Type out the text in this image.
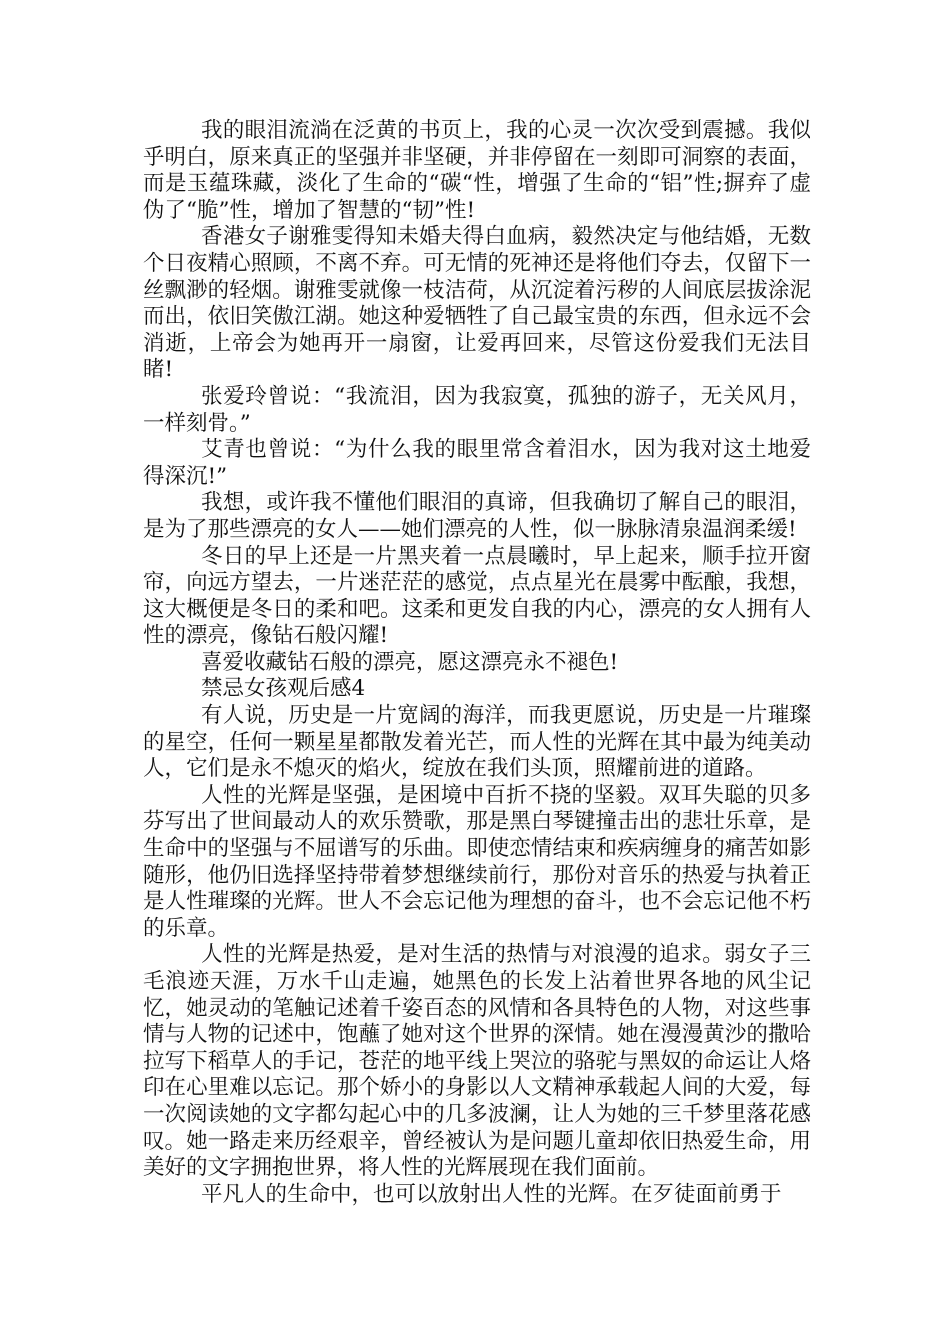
我的眼泪流淌在泛黄的书页上，我的心灵一次次受到震撼。我似乎明白，原来真正的坚强并非坚硬，并非停留在一刻即可洞察的表面，而是玉蕴珠藏，淡化了生命的“碳“性，增强了生命的“铝”性;摒弃了虚伪了“脆”性，增加了智慧的“韧”性!

香港女子谢雅雯得知未婚夫得白血病，毅然决定与他结婚，无数个日夜精心照顾，不离不弃。可无情的死神还是将他们夺去，仅留下一丝飘渺的轻烟。谢雅雯就像一枝洁荷，从沉淀着污秽的人间底层拔涂泥而出，依旧笑傲江湖。她这种爱牺牲了自己最宝贵的东西，但永远不会消逝，上帝会为她再开一扇窗，让爱再回来，尽管这份爱我们无法目睹!

张爱玲曾说：“我流泪，因为我寂寞，孤独的游子，无关风月，一样刻骨。”

艾青也曾说：“为什么我的眼里常含着泪水，因为我对这土地爱得深沉!”

我想，或许我不懂他们眼泪的真谛，但我确切了解自己的眼泪，是为了那些漂亮的女人——她们漂亮的人性，似一脉脉清泉温润柔缓!

冬日的早上还是一片黑夹着一点晨曦时，早上起来，顺手拉开窗帘，向远方望去，一片迷茫茫的感觉，点点星光在晨雾中酝酿，我想，这大概便是冬日的柔和吧。这柔和更发自我的内心，漂亮的女人拥有人性的漂亮，像钻石般闪耀!

喜爱收藏钻石般的漂亮，愿这漂亮永不褪色!

禁忌女孩观后感4

有人说，历史是一片宽阔的海洋，而我更愿说，历史是一片璀璨的星空，任何一颗星星都散发着光芒，而人性的光辉在其中最为纯美动人，它们是永不熄灭的焰火，绽放在我们头顶，照耀前进的道路。

人性的光辉是坚强，是困境中百折不挠的坚毅。双耳失聪的贝多芬写出了世间最动人的欢乐赞歌，那是黑白琴键撞击出的悲壮乐章，是生命中的坚强与不屈谱写的乐曲。即使恋情结束和疾病缠身的痛苦如影随形，他仍旧选择坚持带着梦想继续前行，那份对音乐的热爱与执着正是人性璀璨的光辉。世人不会忘记他为理想的奋斗，也不会忘记他不朽的乐章。

人性的光辉是热爱，是对生活的热情与对浪漫的追求。弱女子三毛浪迹天涯，万水千山走遍，她黑色的长发上沾着世界各地的风尘记忆，她灵动的笔触记述着千姿百态的风情和各具特色的人物，对这些事情与人物的记述中，饱蘸了她对这个世界的深情。她在漫漫黄沙的撒哈拉写下稻草人的手记，苍茫的地平线上哭泣的骆驼与黑奴的命运让人烙印在心里难以忘记。那个娇小的身影以人文精神承载起人间的大爱，每一次阅读她的文字都勾起心中的几多波澜，让人为她的三千梦里落花感叹。她一路走来历经艰辛，曾经被认为是问题儿童却依旧热爱生命，用美好的文字拥抱世界，将人性的光辉展现在我们面前。

平凡人的生命中，也可以放射出人性的光辉。在歹徒面前勇于
